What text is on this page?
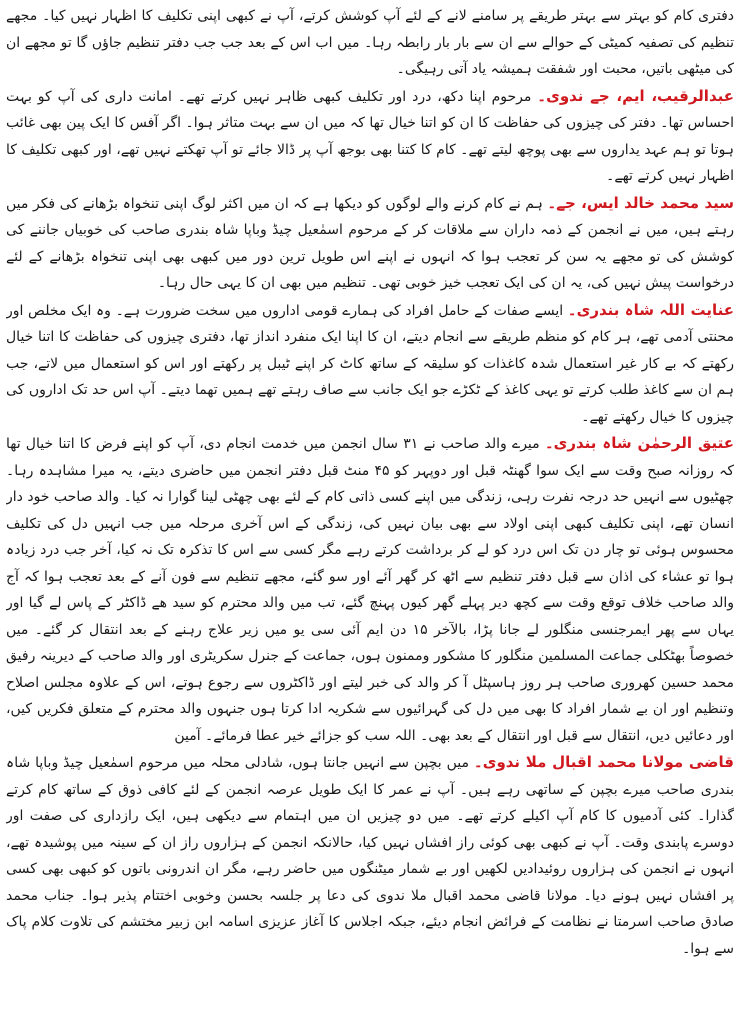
دفتری کام کو بہتر سے بہتر طریقے پر سامنے لانے کے لئے آپ کوشش کرتے، آپ نے کبھی اپنی تکلیف کا اظہار نہیں کیا۔ مجھے تنظیم کی تصفیہ کمیٹی کے حوالے سے ان سے بار بار رابطہ رہا۔ میں اب اس کے بعد جب جب دفتر تنظیم جاؤں گا تو مجھے ان کی میٹھی باتیں، محبت اور شفقت ہمیشہ یاد آتی رہیگی۔

عبدالرقیب، ایم، جے ندوی۔ مرحوم اپنا دکھ، درد اور تکلیف کبھی ظاہر نہیں کرتے تھے۔ امانت داری کی آپ کو بہت احساس تھا۔ دفتر کی چیزوں کی حفاظت کا ان کو اتنا خیال تھا کہ میں ان سے بہت متاثر ہوا۔ اگر آفس کا ایک پین بھی غائب ہوتا تو ہم عہد یداروں سے بھی پوچھ لیتے تھے۔ کام کا کتنا بھی بوجھ آپ پر ڈالا جائے تو آپ تھکتے نہیں تھے، اور کبھی تکلیف کا اظہار نہیں کرتے تھے۔

سید محمد خالد ایس، جے۔ ہم نے کام کرنے والے لوگوں کو دیکھا ہے کہ ان میں اکثر لوگ اپنی تنخواہ بڑھانے کی فکر میں رہتے ہیں، میں نے انجمن کے ذمہ داران سے ملاقات کر کے مرحوم اسمٰعیل چیڈ وباپا شاہ بندری صاحب کی خوبیاں جاننے کی کوشش کی تو مجھے یہ سن کر تعجب ہوا کہ انہوں نے اپنے اس طویل ترین دور میں کبھی بھی اپنی تنخواہ بڑھانے کے لئے درخواست پیش نہیں کی، یہ ان کی ایک تعجب خیز خوبی تھی۔ تنظیم میں بھی ان کا یہی حال رہا۔

عنایت اللہ شاہ بندری۔ ایسے صفات کے حامل افراد کی ہمارے قومی اداروں میں سخت ضرورت ہے۔ وہ ایک مخلص اور محنتی آدمی تھے، ہر کام کو منظم طریقے سے انجام دیتے، ان کا اپنا ایک منفرد انداز تھا، دفتری چیزوں کی حفاظت کا اتنا خیال رکھتے کہ بے کار غیر استعمال شدہ کاغذات کو سلیقہ کے ساتھ کاٹ کر اپنے ٹیبل پر رکھتے اور اس کو استعمال میں لاتے، جب ہم ان سے کاغذ طلب کرتے تو یہی کاغذ کے ٹکڑے جو ایک جانب سے صاف رہتے تھے ہمیں تھما دیتے۔ آپ اس حد تک اداروں کی چیزوں کا خیال رکھتے تھے۔

عتیق الرحمٰن شاہ بندری۔ میرے والد صاحب نے ۳۱ سال انجمن میں خدمت انجام دی، آپ کو اپنے فرض کا اتنا خیال تھا کہ روزانہ صبح وقت سے ایک سوا گھنٹہ قبل اور دوپہر کو ۴۵ منٹ قبل دفتر انجمن میں حاضری دیتے، یہ میرا مشاہدہ رہا۔ چھٹیوں سے انہیں حد درجہ نفرت رہی، زندگی میں اپنے کسی ذاتی کام کے لئے بھی چھٹی لینا گوارا نہ کیا۔ والد صاحب خود دار انسان تھے، اپنی تکلیف کبھی اپنی اولاد سے بھی بیان نہیں کی، زندگی کے اس آخری مرحلہ میں جب انہیں دل کی تکلیف محسوس ہوئی تو چار دن تک اس درد کو لے کر برداشت کرتے رہے مگر کسی سے اس کا تذکرہ تک نہ کیا، آخر جب درد زیادہ ہوا تو عشاء کی اذان سے قبل دفتر تنظیم سے اٹھ کر گھر آئے اور سو گئے، مجھے تنظیم سے فون آنے کے بعد تعجب ہوا کہ آج والد صاحب خلاف توقع وقت سے کچھ دیر پہلے گھر کیوں پہنچ گئے، تب میں والد محترم کو سید ھے ڈاکٹر کے پاس لے گیا اور یہاں سے پھر ایمرجنسی منگلور لے جانا پڑا، بالآخر ۱۵ دن ایم آئی سی یو میں زیر علاج رہنے کے بعد انتقال کر گئے۔ میں خصوصاً بھٹکلی جماعت المسلمین منگلور کا مشکور وممنون ہوں، جماعت کے جنرل سکریٹری اور والد صاحب کے دیرینہ رفیق محمد حسین کھروری صاحب ہر روز ہاسپٹل آ کر والد کی خبر لیتے اور ڈاکٹروں سے رجوع ہوتے، اس کے علاوہ مجلس اصلاح وتنظیم اور ان بے شمار افراد کا بھی میں دل کی گہرائیوں سے شکریہ ادا کرتا ہوں جنہوں والد محترم کے متعلق فکریں کیں، اور دعائیں دیں، انتقال سے قبل اور انتقال کے بعد بھی۔ اللہ سب کو جزائے خیر عطا فرمائے۔ آمین

قاضی مولانا محمد اقبال ملا ندوی۔ میں بچپن سے انہیں جانتا ہوں، شادلی محلہ میں مرحوم اسمٰعیل چیڈ وباپا شاہ بندری صاحب میرے بچپن کے ساتھی رہے ہیں۔ آپ نے عمر کا ایک طویل عرصہ انجمن کے لئے کافی ذوق کے ساتھ کام کرتے گذارا۔ کئی آدمیوں کا کام آپ اکیلے کرتے تھے۔ میں دو چیزیں ان میں اہتمام سے دیکھی ہیں، ایک رازداری کی صفت اور دوسرے پابندی وقت۔ آپ نے کبھی بھی کوئی راز افشاں نہیں کیا، حالانکہ انجمن کے ہزاروں راز ان کے سینہ میں پوشیدہ تھے، انہوں نے انجمن کی ہزاروں روئیدادیں لکھیں اور بے شمار میٹنگوں میں حاضر رہے، مگر ان اندرونی باتوں کو کبھی بھی کسی پر افشاں نہیں ہونے دیا۔ مولانا قاضی محمد اقبال ملا ندوی کی دعا پر جلسہ بحسن وخوبی اختتام پذیر ہوا۔ جناب محمد صادق صاحب اسرمتا نے نظامت کے فرائض انجام دیئے، جبکہ اجلاس کا آغاز عزیزی اسامہ ابن زبیر مختشم کی تلاوت کلام پاک سے ہوا۔
